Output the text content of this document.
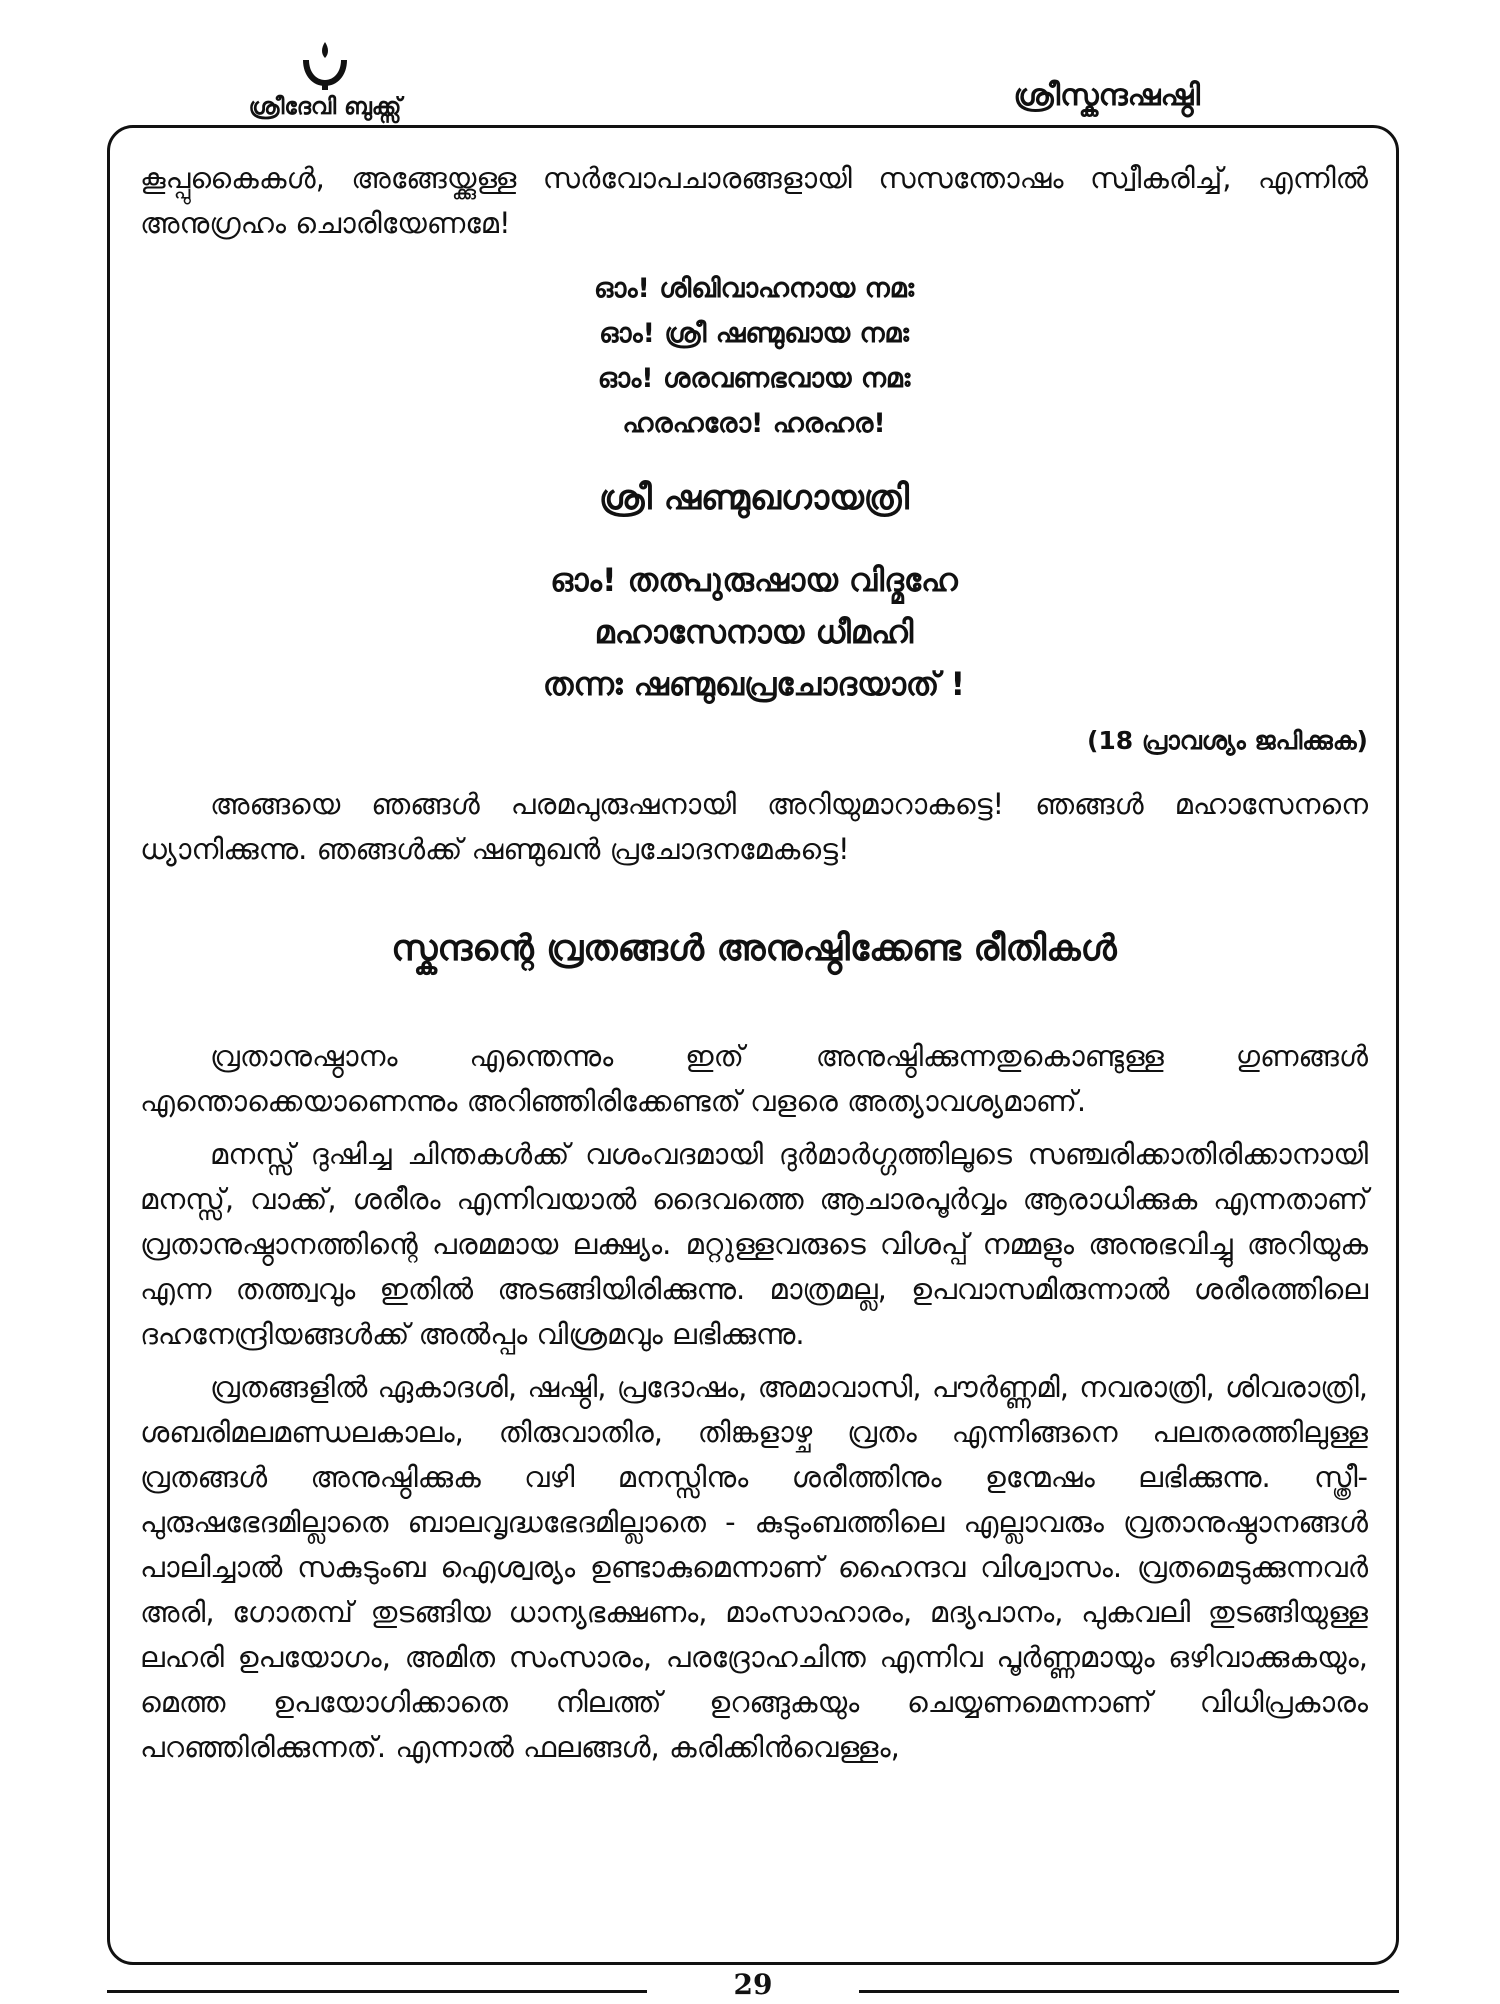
ശ്രീദേവി ബുക്ക്സ്	ശ്രീസ്കന്ദഷഷ്ഠി

കൂപ്പുകൈകൾ, അങ്ങേയ്ക്കുള്ള സർവോപചാരങ്ങളായി സസന്തോഷം സ്വീകരിച്ച്, എന്നിൽ അനുഗ്രഹം ചൊരിയേണമേ!

ഓം! ശിഖിവാഹനായ നമഃ
ഓം! ശ്രീ ഷണ്മുഖായ നമഃ
ഓം! ശരവണഭവായ നമഃ
ഹരഹരോ! ഹരഹര!
ശ്രീ ഷണ്മുഖഗായത്രി
ഓം! തത്പുരുഷായ വിദ്മഹേ
മഹാസേനായ ധീമഹി
തന്നഃ ഷണ്മുഖപ്രചോദയാത് !
(18 പ്രാവശ്യം ജപിക്കുക)

അങ്ങയെ ഞങ്ങൾ പരമപുരുഷനായി അറിയുമാറാകട്ടെ! ഞങ്ങൾ മഹാസേനനെ ധ്യാനിക്കുന്നു. ഞങ്ങൾക്ക് ഷണ്മുഖൻ പ്രചോദനമേകട്ടെ!

സ്കന്ദന്റെ വ്രതങ്ങൾ അനുഷ്ഠിക്കേണ്ട രീതികൾ

വ്രതാനുഷ്ഠാനം എന്തെന്നും ഇത് അനുഷ്ഠിക്കുന്നതുകൊണ്ടുള്ള ഗുണങ്ങൾ എന്തൊക്കെയാണെന്നും അറിഞ്ഞിരിക്കേണ്ടത് വളരെ അത്യാവശ്യമാണ്.

മനസ്സ് ദുഷിച്ച ചിന്തകൾക്ക് വശംവദമായി ദുർമാർഗ്ഗത്തിലൂടെ സഞ്ചരിക്കാതിരിക്കാനായി മനസ്സ്, വാക്ക്, ശരീരം എന്നിവയാൽ ദൈവത്തെ ആചാരപൂർവ്വം ആരാധിക്കുക എന്നതാണ് വ്രതാനുഷ്ഠാനത്തിന്റെ പരമമായ ലക്ഷ്യം. മറ്റുള്ളവരുടെ വിശപ്പ് നമ്മളും അനുഭവിച്ചു അറിയുക എന്ന തത്ത്വവും ഇതിൽ അടങ്ങിയിരിക്കുന്നു. മാത്രമല്ല, ഉപവാസമിരുന്നാൽ ശരീരത്തിലെ ദഹനേന്ദ്രിയങ്ങൾക്ക് അൽപ്പം വിശ്രമവും ലഭിക്കുന്നു.

വ്രതങ്ങളിൽ ഏകാദശി, ഷഷ്ഠി, പ്രദോഷം, അമാവാസി, പൗർണ്ണമി, നവരാത്രി, ശിവരാത്രി, ശബരിമലമണ്ഡലകാലം, തിരുവാതിര, തിങ്കളാഴ്ച വ്രതം എന്നിങ്ങനെ പലതരത്തിലുള്ള വ്രതങ്ങൾ അനുഷ്ഠിക്കുക വഴി മനസ്സിനും ശരീത്തിനും ഉന്മേഷം ലഭിക്കുന്നു. സ്ത്രീ-പുരുഷഭേദമില്ലാതെ ബാലവൃദ്ധഭേദമില്ലാതെ - കുടുംബത്തിലെ എല്ലാവരും വ്രതാനുഷ്ഠാനങ്ങൾ പാലിച്ചാൽ സകുടുംബ ഐശ്വര്യം ഉണ്ടാകുമെന്നാണ് ഹൈന്ദവ വിശ്വാസം. വ്രതമെടുക്കുന്നവർ അരി, ഗോതമ്പ് തുടങ്ങിയ ധാന്യഭക്ഷണം, മാംസാഹാരം, മദ്യപാനം, പുകവലി തുടങ്ങിയുള്ള ലഹരി ഉപയോഗം, അമിത സംസാരം, പരദ്രോഹചിന്ത എന്നിവ പൂർണ്ണമായും ഒഴിവാക്കുകയും, മെത്ത ഉപയോഗിക്കാതെ നിലത്ത് ഉറങ്ങുകയും ചെയ്യണമെന്നാണ് വിധിപ്രകാരം പറഞ്ഞിരിക്കുന്നത്. എന്നാൽ ഫലങ്ങൾ, കരിക്കിൻവെള്ളം,

29
